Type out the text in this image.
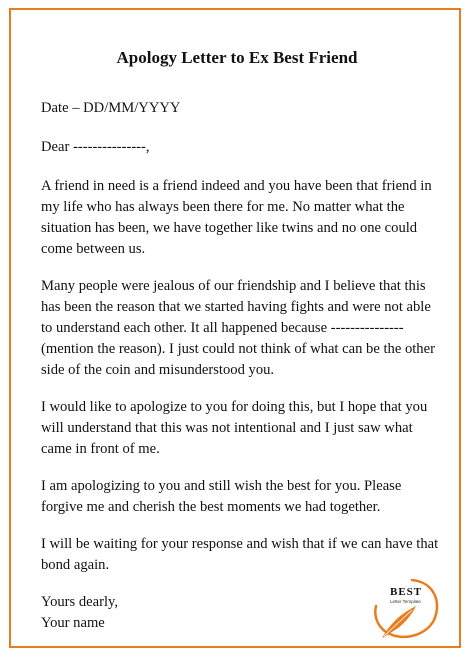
Apology Letter to Ex Best Friend

Date – DD/MM/YYYY

Dear ---------------,

A friend in need is a friend indeed and you have been that friend in my life who has always been there for me. No matter what the situation has been, we have together like twins and no one could come between us.

Many people were jealous of our friendship and I believe that this has been the reason that we started having fights and were not able to understand each other. It all happened because --------------- (mention the reason). I just could not think of what can be the other side of the coin and misunderstood you.

I would like to apologize to you for doing this, but I hope that you will understand that this was not intentional and I just saw what came in front of me.

I am apologizing to you and still wish the best for you. Please forgive me and cherish the best moments we had together.

I will be waiting for your response and wish that if we can have that bond again.

Yours dearly,
Your name

BEST
Letter Template
